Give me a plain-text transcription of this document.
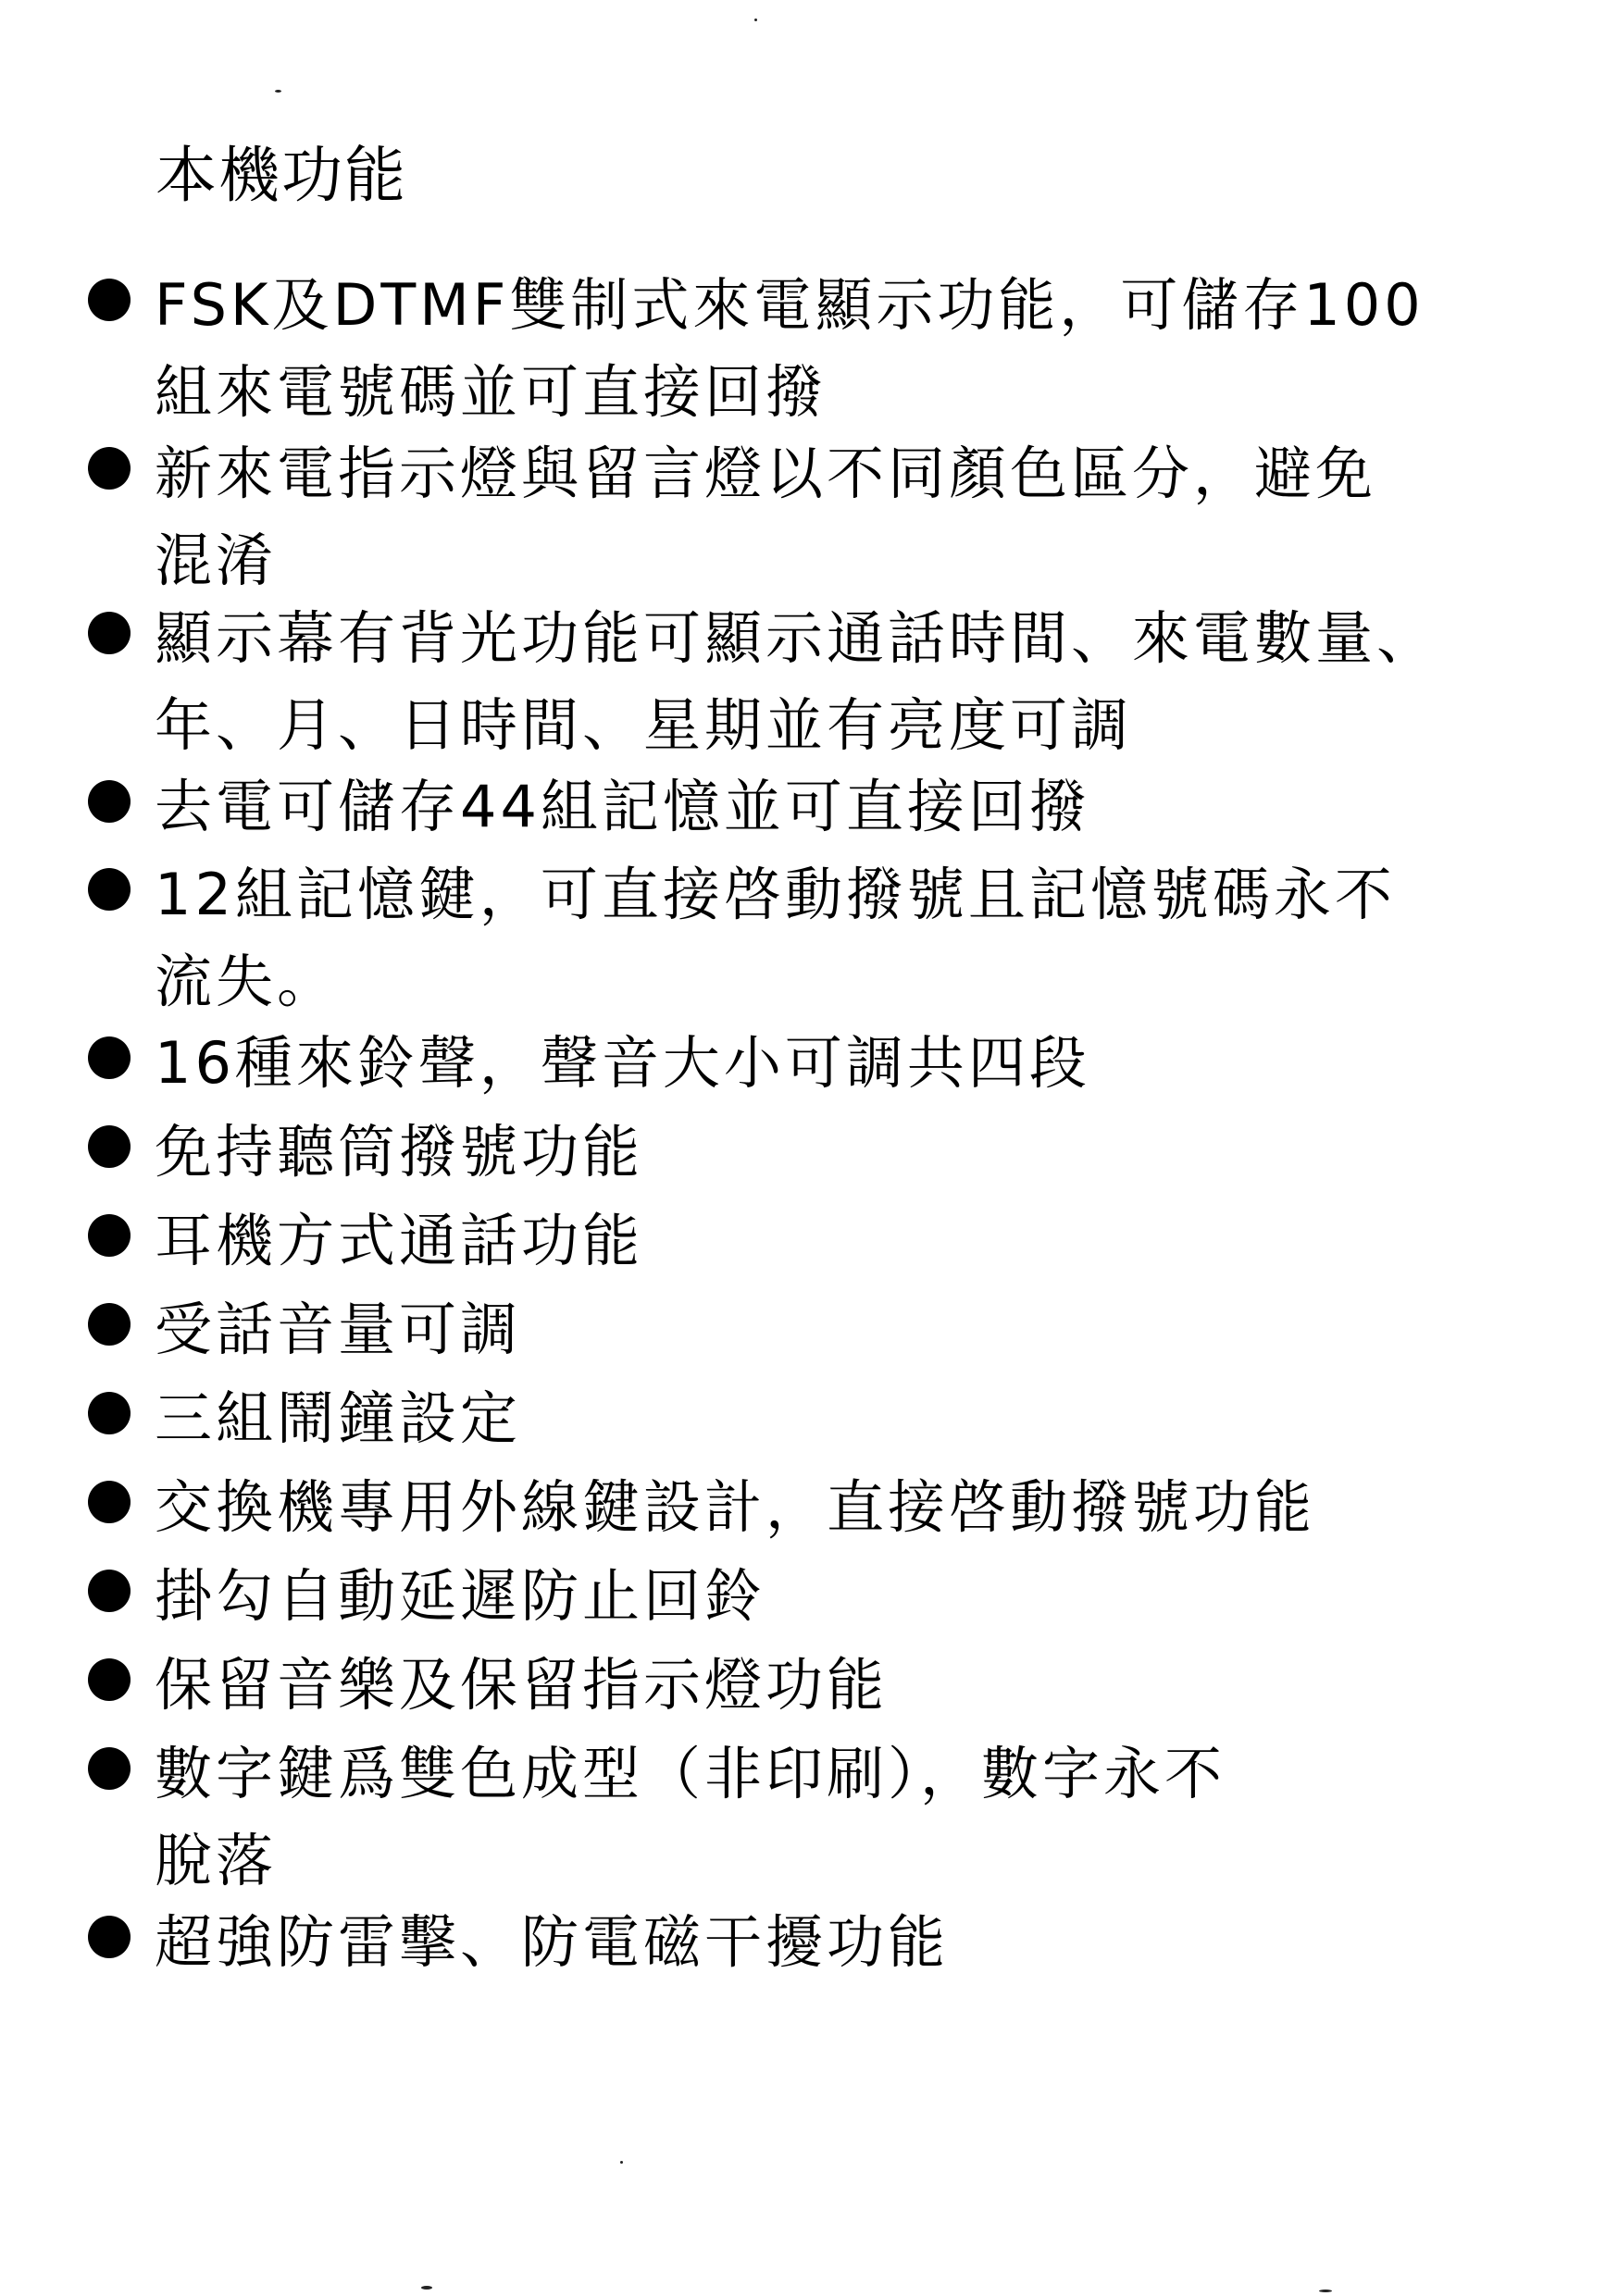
本機功能
FSK及DTMF雙制式來電顯示功能，可儲存100
組來電號碼並可直接回撥
新來電指示燈與留言燈以不同顏色區分，避免
混淆
顯示幕有背光功能可顯示通話時間、來電數量、
年、月、日時間、星期並有亮度可調
去電可儲存44組記憶並可直接回撥
12組記憶鍵，可直接啓動撥號且記憶號碼永不
流失。
16種來鈴聲，聲音大小可調共四段
免持聽筒撥號功能
耳機方式通話功能
受話音量可調
三組鬧鐘設定
交換機專用外線鍵設計，直接啓動撥號功能
掛勾自動延遲防止回鈴
保留音樂及保留指示燈功能
數字鍵爲雙色成型（非印刷），數字永不
脫落
超強防雷擊、防電磁干擾功能
